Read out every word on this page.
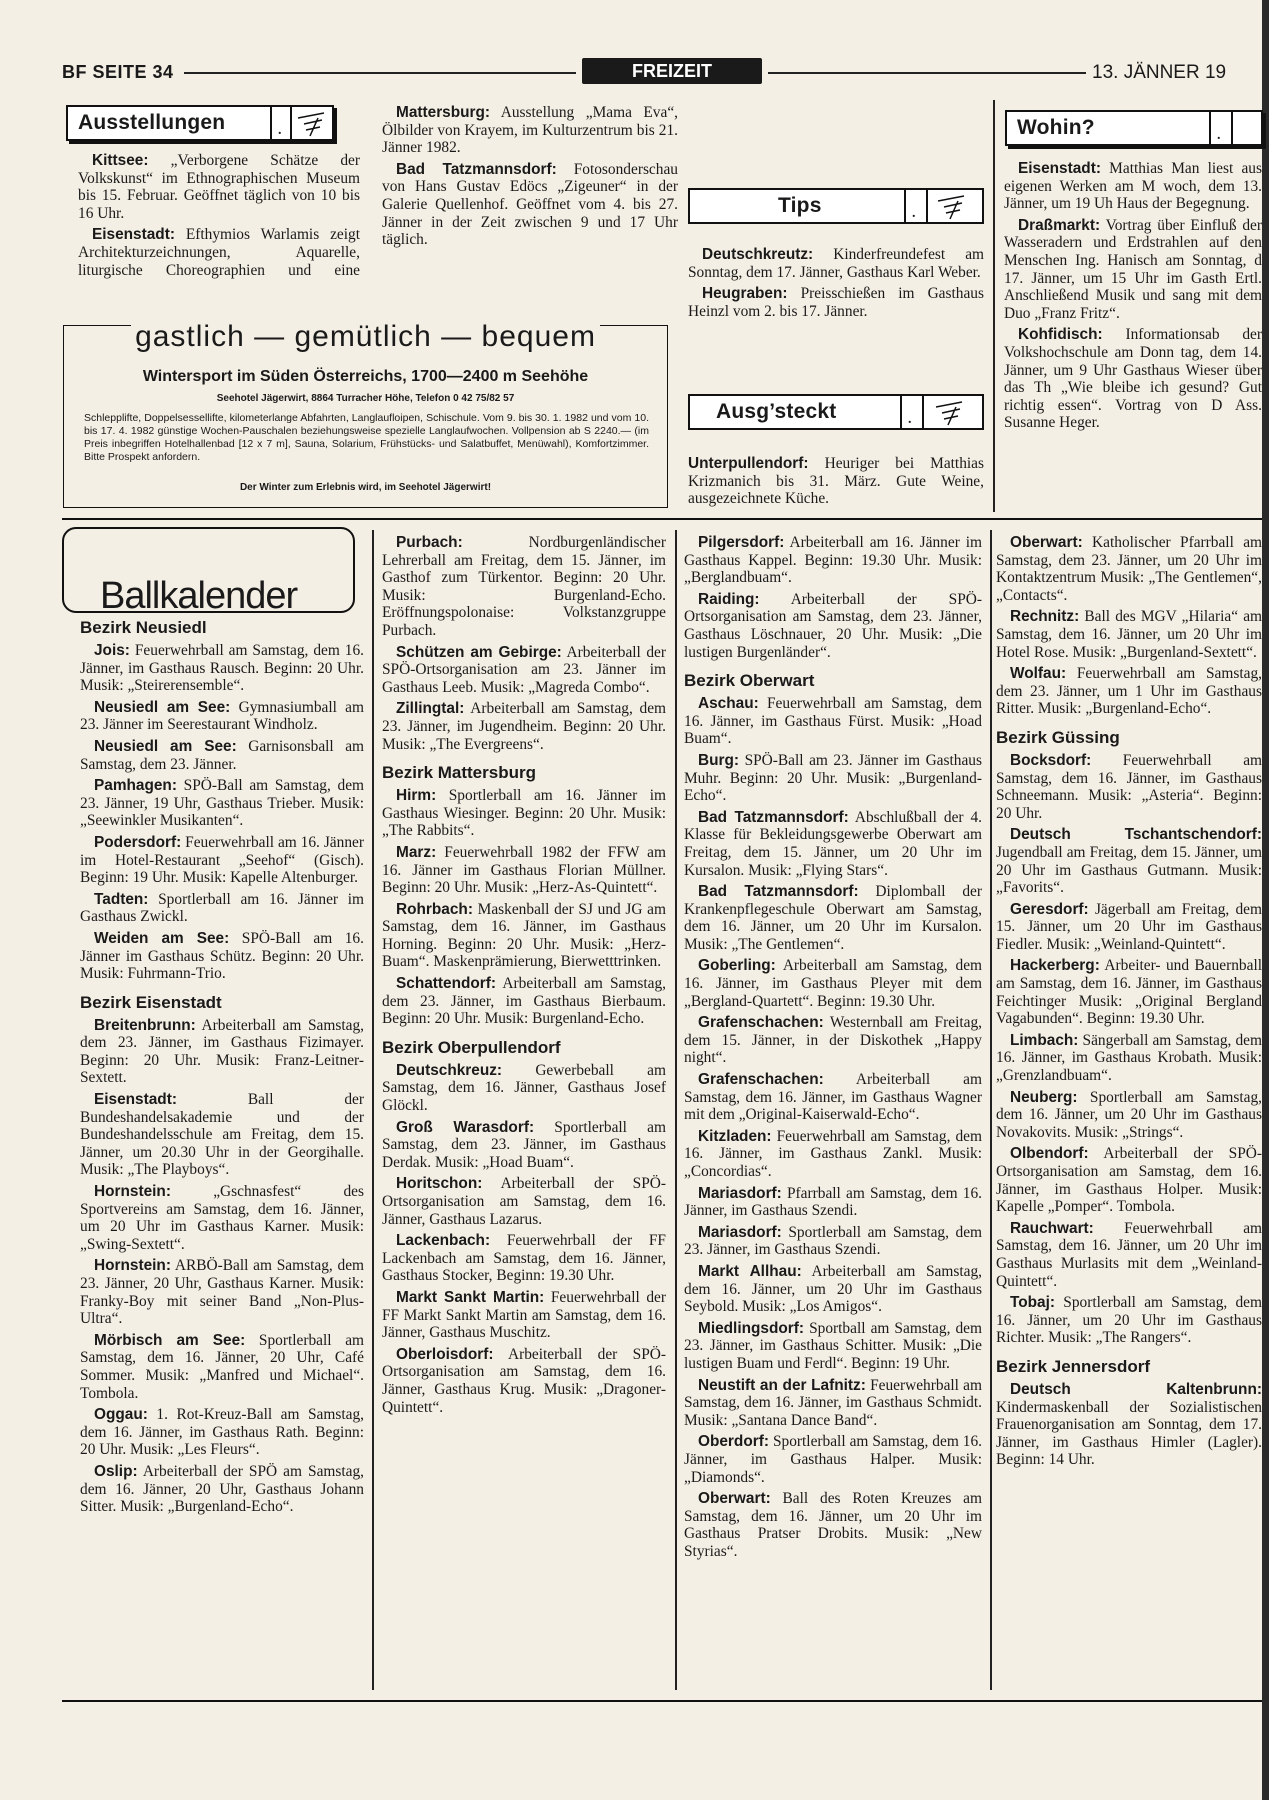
BF SEITE 34	FREIZEIT	13. JÄNNER 19
Ausstellungen	.

Kittsee: „Verborgene Schätze der Volkskunst“ im Ethnographischen Museum bis 15. Februar. Geöffnet täglich von 10 bis 16 Uhr.

Eisenstadt: Efthymios Warlamis zeigt Architekturzeichnungen, Aquarelle, liturgische Choreographien und eine

Mattersburg: Ausstellung „Mama Eva“, Ölbilder von Krayem, im Kulturzentrum bis 21. Jänner 1982.

Bad Tatzmannsdorf: Fotosonderschau von Hans Gustav Edöcs „Zigeuner“ in der Galerie Quellenhof. Geöffnet vom 4. bis 27. Jänner in der Zeit zwischen 9 und 17 Uhr täglich.

gastlich — gemütlich — bequem
Wintersport im Süden Österreichs, 1700—2400 m Seehöhe
Seehotel Jägerwirt, 8864 Turracher Höhe, Telefon 0 42 75/82 57
Schlepplifte, Doppelsessellifte, kilometerlange Abfahrten, Langlaufloipen, Schischule. Vom 9. bis 30. 1. 1982 und vom 10. bis 17. 4. 1982 günstige Wochen-Pauschalen beziehungsweise spezielle Langlaufwochen. Vollpension ab S 2240.— (im Preis inbegriffen Hotelhallenbad [12 x 7 m], Sauna, Solarium, Frühstücks- und Salatbuffet, Menüwahl), Komfortzimmer. Bitte Prospekt anfordern.
Der Winter zum Erlebnis wird, im Seehotel Jägerwirt!
Tips	.

Deutschkreutz: Kinderfreundefest am Sonntag, dem 17. Jänner, Gasthaus Karl Weber.

Heugraben: Preisschießen im Gasthaus Heinzl vom 2. bis 17. Jänner.

Ausg’steckt	.

Unterpullendorf: Heuriger bei Matthias Krizmanich bis 31. März. Gute Weine, ausgezeichnete Küche.

Wohin?	.

Eisenstadt: Matthias Man liest aus eigenen Werken am M woch, dem 13. Jänner, um 19 Uh Haus der Begegnung.

Draßmarkt: Vortrag über Einfluß der Wasseradern und Erdstrahlen auf den Menschen Ing. Hanisch am Sonntag, d 17. Jänner, um 15 Uhr im Gasth Ertl. Anschließend Musik und sang mit dem Duo „Franz Fritz“.

Kohfidisch: Informationsab der Volkshochschule am Donn tag, dem 14. Jänner, um 9 Uhr Gasthaus Wieser über das Th „Wie bleibe ich gesund? Gut richtig essen“. Vortrag von D Ass. Susanne Heger.

Ballkalender
Bezirk Neusiedl

Jois: Feuerwehrball am Samstag, dem 16. Jänner, im Gasthaus Rausch. Beginn: 20 Uhr. Musik: „Steirerensemble“.

Neusiedl am See: Gymnasiumball am 23. Jänner im Seerestaurant Windholz.

Neusiedl am See: Garnisonsball am Samstag, dem 23. Jänner.

Pamhagen: SPÖ-Ball am Samstag, dem 23. Jänner, 19 Uhr, Gasthaus Trieber. Musik: „Seewinkler Musikanten“.

Podersdorf: Feuerwehrball am 16. Jänner im Hotel-Restaurant „Seehof“ (Gisch). Beginn: 19 Uhr. Musik: Kapelle Altenburger.

Tadten: Sportlerball am 16. Jänner im Gasthaus Zwickl.

Weiden am See: SPÖ-Ball am 16. Jänner im Gasthaus Schütz. Beginn: 20 Uhr. Musik: Fuhrmann-Trio.

Bezirk Eisenstadt

Breitenbrunn: Arbeiterball am Samstag, dem 23. Jänner, im Gasthaus Fizimayer. Beginn: 20 Uhr. Musik: Franz-Leitner-Sextett.

Eisenstadt:	Ball der Bundeshandelsakademie und der Bundeshandelsschule am Freitag, dem 15. Jänner, um 20.30 Uhr in der Georgihalle. Musik: „The Playboys“.

Hornstein:	„Gschnasfest“ des Sportvereins am Samstag, dem 16. Jänner, um 20 Uhr im Gasthaus Karner. Musik: „Swing-Sextett“.

Hornstein: ARBÖ-Ball am Samstag, dem 23. Jänner, 20 Uhr, Gasthaus Karner. Musik: Franky-Boy mit seiner Band „Non-Plus-Ultra“.

Mörbisch am See: Sportlerball am Samstag, dem 16. Jänner, 20 Uhr, Café Sommer. Musik: „Manfred und Michael“. Tombola.

Oggau: 1. Rot-Kreuz-Ball am Samstag, dem 16. Jänner, im Gasthaus Rath. Beginn: 20 Uhr. Musik: „Les Fleurs“.

Oslip: Arbeiterball der SPÖ am Samstag, dem 16. Jänner, 20 Uhr, Gasthaus Johann Sitter. Musik: „Burgenland-Echo“.

Purbach:	Nordburgenländischer Lehrerball am Freitag, dem 15. Jänner, im Gasthof zum Türkentor. Beginn: 20 Uhr. Musik: Burgenland-Echo. Eröffnungspolonaise: Volkstanzgruppe Purbach.

Schützen am Gebirge: Arbeiterball der SPÖ-Ortsorganisation am 23. Jänner im Gasthaus Leeb. Musik: „Magreda Combo“.

Zillingtal: Arbeiterball am Samstag, dem 23. Jänner, im Jugendheim. Beginn: 20 Uhr. Musik: „The Evergreens“.

Bezirk Mattersburg

Hirm: Sportlerball am 16. Jänner im Gasthaus Wiesinger. Beginn: 20 Uhr. Musik: „The Rabbits“.

Marz: Feuerwehrball 1982 der FFW am 16. Jänner im Gasthaus Florian Müllner. Beginn: 20 Uhr. Musik: „Herz-As-Quintett“.

Rohrbach: Maskenball der SJ und JG am Samstag, dem 16. Jänner, im Gasthaus Horning. Beginn: 20 Uhr. Musik: „Herz-Buam“. Maskenprämierung, Bierwetttrinken.

Schattendorf: Arbeiterball am Samstag, dem 23. Jänner, im Gasthaus Bierbaum. Beginn: 20 Uhr. Musik: Burgenland-Echo.

Bezirk Oberpullendorf

Deutschkreuz: Gewerbeball am Samstag, dem 16. Jänner, Gasthaus Josef Glöckl.

Groß Warasdorf: Sportlerball am Samstag, dem 23. Jänner, im Gasthaus Derdak. Musik: „Hoad Buam“.

Horitschon: Arbeiterball der SPÖ-Ortsorganisation am Samstag, dem 16. Jänner, Gasthaus Lazarus.

Lackenbach: Feuerwehrball der FF Lackenbach am Samstag, dem 16. Jänner, Gasthaus Stocker, Beginn: 19.30 Uhr.

Markt Sankt Martin: Feuerwehrball der FF Markt Sankt Martin am Samstag, dem 16. Jänner, Gasthaus Muschitz.

Oberloisdorf: Arbeiterball der SPÖ-Ortsorganisation am Samstag, dem 16. Jänner, Gasthaus Krug. Musik: „Dragoner-Quintett“.

Pilgersdorf: Arbeiterball am 16. Jänner im Gasthaus Kappel. Beginn: 19.30 Uhr. Musik: „Berglandbuam“.

Raiding: Arbeiterball der SPÖ-Ortsorganisation am Samstag, dem 23. Jänner, Gasthaus Löschnauer, 20 Uhr. Musik: „Die lustigen Burgenländer“.

Bezirk Oberwart

Aschau: Feuerwehrball am Samstag, dem 16. Jänner, im Gasthaus Fürst. Musik: „Hoad Buam“.

Burg: SPÖ-Ball am 23. Jänner im Gasthaus Muhr. Beginn: 20 Uhr. Musik: „Burgenland-Echo“.

Bad Tatzmannsdorf: Abschlußball der 4. Klasse für Bekleidungsgewerbe Oberwart am Freitag, dem 15. Jänner, um 20 Uhr im Kursalon. Musik: „Flying Stars“.

Bad Tatzmannsdorf: Diplomball der Krankenpflegeschule Oberwart am Samstag, dem 16. Jänner, um 20 Uhr im Kursalon. Musik: „The Gentlemen“.

Goberling: Arbeiterball am Samstag, dem 16. Jänner, im Gasthaus Pleyer mit dem „Bergland-Quartett“. Beginn: 19.30 Uhr.

Grafenschachen: Westernball am Freitag, dem 15. Jänner, in der Diskothek „Happy night“.

Grafenschachen: Arbeiterball am Samstag, dem 16. Jänner, im Gasthaus Wagner mit dem „Original-Kaiserwald-Echo“.

Kitzladen: Feuerwehrball am Samstag, dem 16. Jänner, im Gasthaus Zankl. Musik: „Concordias“.

Mariasdorf: Pfarrball am Samstag, dem 16. Jänner, im Gasthaus Szendi.

Mariasdorf: Sportlerball am Samstag, dem 23. Jänner, im Gasthaus Szendi.

Markt Allhau: Arbeiterball am Samstag, dem 16. Jänner, um 20 Uhr im Gasthaus Seybold. Musik: „Los Amigos“.

Miedlingsdorf: Sportball am Samstag, dem 23. Jänner, im Gasthaus Schitter. Musik: „Die lustigen Buam und Ferdl“. Beginn: 19 Uhr.

Neustift an der Lafnitz: Feuerwehrball am Samstag, dem 16. Jänner, im Gasthaus Schmidt. Musik: „Santana Dance Band“.

Oberdorf: Sportlerball am Samstag, dem 16. Jänner, im Gasthaus Halper. Musik: „Diamonds“.

Oberwart: Ball des Roten Kreuzes am Samstag, dem 16. Jänner, um 20 Uhr im Gasthaus Pratser Drobits. Musik: „New Styrias“.

Oberwart: Katholischer Pfarrball am Samstag, dem 23. Jänner, um 20 Uhr im Kontaktzentrum Musik: „The Gentlemen“, „Contacts“.

Rechnitz: Ball des MGV „Hilaria“ am Samstag, dem 16. Jänner, um 20 Uhr im Hotel Rose. Musik: „Burgenland-Sextett“.

Wolfau: Feuerwehrball am Samstag, dem 23. Jänner, um 1 Uhr im Gasthaus Ritter. Musik: „Burgenland-Echo“.

Bezirk Güssing

Bocksdorf: Feuerwehrball am Samstag, dem 16. Jänner, im Gasthaus Schneemann. Musik: „Asteria“. Beginn: 20 Uhr.

Deutsch Tschantschendorf: Jugendball am Freitag, dem 15. Jänner, um 20 Uhr im Gasthaus Gutmann. Musik: „Favorits“.

Geresdorf: Jägerball am Freitag, dem 15. Jänner, um 20 Uhr im Gasthaus Fiedler. Musik: „Weinland-Quintett“.

Hackerberg: Arbeiter- und Bauernball am Samstag, dem 16. Jänner, im Gasthaus Feichtinger Musik: „Original Bergland Vagabunden“. Beginn: 19.30 Uhr.

Limbach: Sängerball am Samstag, dem 16. Jänner, im Gasthaus Krobath. Musik: „Grenzlandbuam“.

Neuberg: Sportlerball am Samstag, dem 16. Jänner, um 20 Uhr im Gasthaus Novakovits. Musik: „Strings“.

Olbendorf: Arbeiterball der SPÖ-Ortsorganisation am Samstag, dem 16. Jänner, im Gasthaus Holper. Musik: Kapelle „Pomper“. Tombola.

Rauchwart: Feuerwehrball am Samstag, dem 16. Jänner, um 20 Uhr im Gasthaus Murlasits mit dem „Weinland-Quintett“.

Tobaj: Sportlerball am Samstag, dem 16. Jänner, um 20 Uhr im Gasthaus Richter. Musik: „The Rangers“.

Bezirk Jennersdorf

Deutsch Kaltenbrunn: Kindermaskenball der Sozialistischen Frauenorganisation am Sonntag, dem 17. Jänner, im Gasthaus Himler (Lagler). Beginn: 14 Uhr.
